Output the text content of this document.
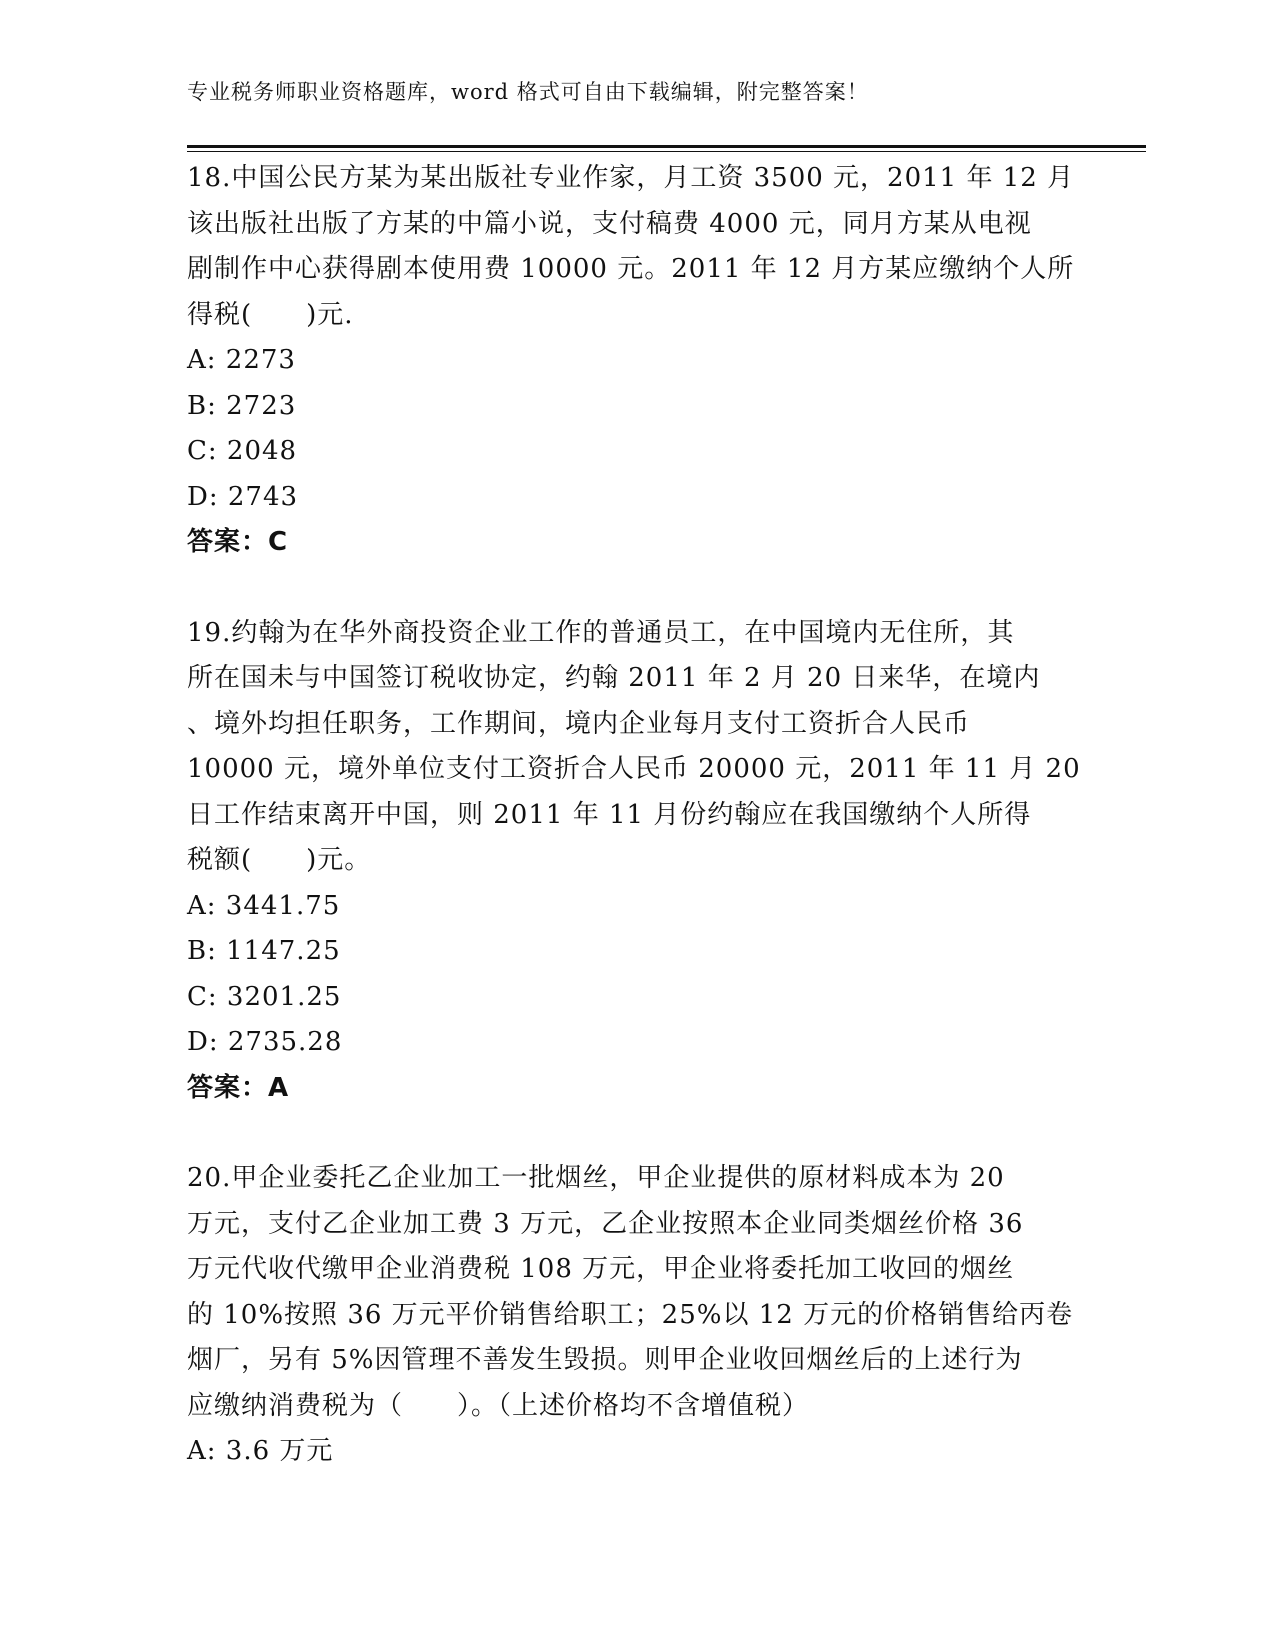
专业税务师职业资格题库，word 格式可自由下载编辑，附完整答案！
18.中国公民方某为某出版社专业作家，月工资 3500 元，2011 年 12 月
该出版社出版了方某的中篇小说，支付稿费 4000 元，同月方某从电视
剧制作中心获得剧本使用费 10000 元。2011 年 12 月方某应缴纳个人所
得税(　　)元.
A: 2273
B: 2723
C: 2048
D: 2743
答案：C
19.约翰为在华外商投资企业工作的普通员工，在中国境内无住所，其
所在国未与中国签订税收协定，约翰 2011 年 2 月 20 日来华，在境内
、境外均担任职务，工作期间，境内企业每月支付工资折合人民币
10000 元，境外单位支付工资折合人民币 20000 元，2011 年 11 月 20
日工作结束离开中国，则 2011 年 11 月份约翰应在我国缴纳个人所得
税额(　　)元。
A: 3441.75
B: 1147.25
C: 3201.25
D: 2735.28
答案：A
20.甲企业委托乙企业加工一批烟丝，甲企业提供的原材料成本为 20
万元，支付乙企业加工费 3 万元，乙企业按照本企业同类烟丝价格 36
万元代收代缴甲企业消费税 108 万元，甲企业将委托加工收回的烟丝
的 10%按照 36 万元平价销售给职工；25%以 12 万元的价格销售给丙卷
烟厂，另有 5%因管理不善发生毁损。则甲企业收回烟丝后的上述行为
应缴纳消费税为（　　）。（上述价格均不含增值税）
A: 3.6 万元
